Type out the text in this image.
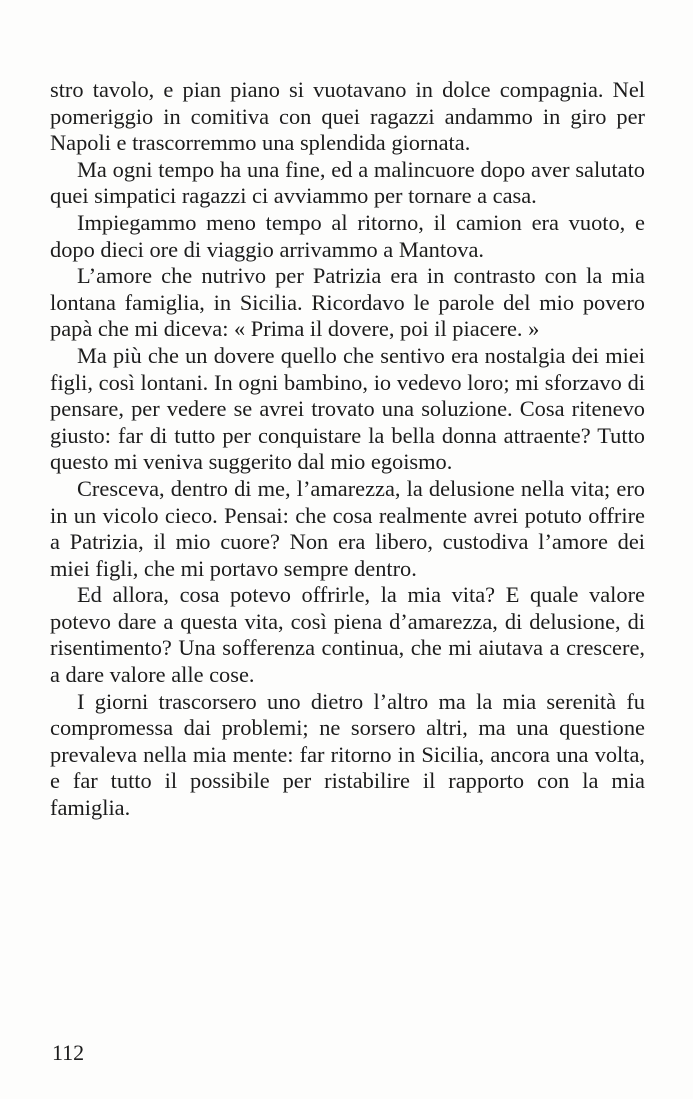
stro tavolo, e pian piano si vuotavano in dolce compagnia. Nel pomeriggio in comitiva con quei ragazzi andammo in giro per Napoli e trascorremmo una splendida giornata.

Ma ogni tempo ha una fine, ed a malincuore dopo aver salutato quei simpatici ragazzi ci avviammo per tornare a casa.

Impiegammo meno tempo al ritorno, il camion era vuoto, e dopo dieci ore di viaggio arrivammo a Mantova.

L’amore che nutrivo per Patrizia era in contrasto con la mia lontana famiglia, in Sicilia. Ricordavo le parole del mio povero papà che mi diceva: « Prima il dovere, poi il piacere. »

Ma più che un dovere quello che sentivo era nostalgia dei miei figli, così lontani. In ogni bambino, io vedevo loro; mi sforzavo di pensare, per vedere se avrei trovato una soluzione. Cosa ritenevo giusto: far di tutto per conquistare la bella donna attraente? Tutto questo mi veniva suggerito dal mio egoismo.

Cresceva, dentro di me, l’amarezza, la delusione nella vita; ero in un vicolo cieco. Pensai: che cosa realmente avrei potuto offrire a Patrizia, il mio cuore? Non era libero, custodiva l’amore dei miei figli, che mi portavo sempre dentro.

Ed allora, cosa potevo offrirle, la mia vita? E quale valore potevo dare a questa vita, così piena d’amarezza, di delusione, di risentimento? Una sofferenza continua, che mi aiutava a crescere, a dare valore alle cose.

I giorni trascorsero uno dietro l’altro ma la mia serenità fu compromessa dai problemi; ne sorsero altri, ma una questione prevaleva nella mia mente: far ritorno in Sicilia, ancora una volta, e far tutto il possibile per ristabilire il rapporto con la mia famiglia.

112
